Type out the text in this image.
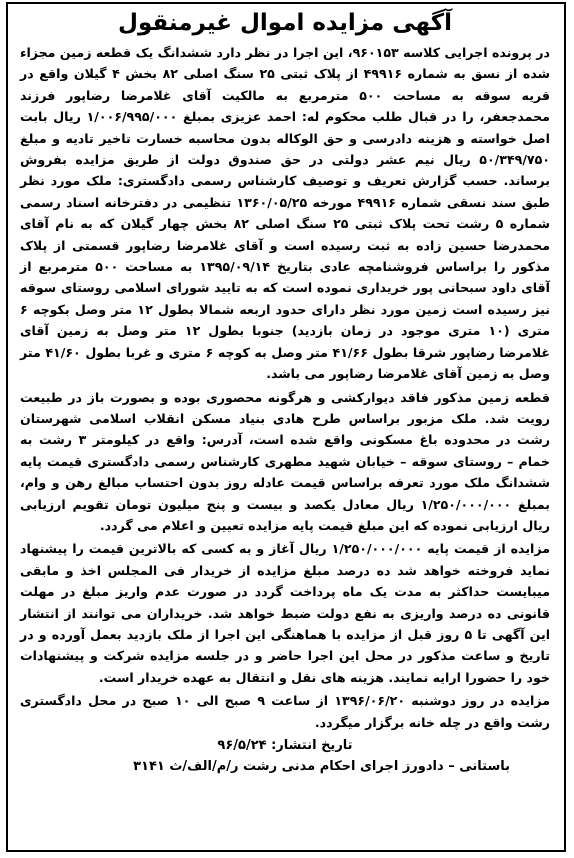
آگهی مزایده اموال غیرمنقول

در پرونده اجرایی کلاسه ۹۶۰۱۵۳، این اجرا در نظر دارد ششدانگ یک قطعه زمین مجزاء شده از نسق به شماره ۴۹۹۱۶ از پلاک ثبتی ۲۵ سنگ اصلی ۸۲ بخش ۴ گیلان واقع در قریه سوقه به مساحت ۵۰۰ مترمربع به مالکیت آقای غلامرضا رضاپور فرزند محمدجعفر، را در قبال طلب محکوم له: احمد عزیزی بمبلغ ۱/۰۰۶/۹۹۵/۰۰۰ ریال بابت اصل خواسته و هزینه دادرسی و حق الوکاله بدون محاسبه خسارت تاخیر تادیه و مبلغ ۵۰/۳۴۹/۷۵۰ ریال نیم عشر دولتی در حق صندوق دولت از طریق مزایده بفروش برساند. حسب گزارش تعریف و توصیف کارشناس رسمی دادگستری: ملک مورد نظر طبق سند نسقی شماره ۴۹۹۱۶ مورخه ۱۳۶۰/۰۵/۲۵ تنظیمی در دفترخانه اسناد رسمی شماره ۵ رشت تحت پلاک ثبتی ۲۵ سنگ اصلی ۸۲ بخش چهار گیلان که به نام آقای محمدرضا حسین زاده به ثبت رسیده است و آقای غلامرضا رضاپور قسمتی از پلاک مذکور را براساس فروشنامچه عادی بتاریخ ۱۳۹۵/۰۹/۱۴ به مساحت ۵۰۰ مترمربع از آقای داود سبحانی پور خریداری نموده است که به تایید شورای اسلامی روستای سوقه نیز رسیده است زمین مورد نظر دارای حدود اربعه شمالا بطول ۱۲ متر وصل بکوچه ۶ متری (۱۰ متری موجود در زمان بازدید) جنوبا بطول ۱۲ متر وصل به زمین آقای غلامرضا رضاپور شرقا بطول ۴۱/۶۶ متر وصل به کوچه ۶ متری و غربا بطول ۴۱/۶۰ متر وصل به زمین آقای غلامرضا رضاپور می باشد.

قطعه زمین مذکور فاقد دیوارکشی و هرگونه محصوری بوده و بصورت باز در طبیعت رویت شد. ملک مزبور براساس طرح هادی بنیاد مسکن انقلاب اسلامی شهرستان رشت در محدوده باغ مسکونی واقع شده است، آدرس: واقع در کیلومتر ۳ رشت به خمام – روستای سوقه – خیابان شهید مطهری کارشناس رسمی دادگستری قیمت پایه ششدانگ ملک مورد تعرفه براساس قیمت عادله روز بدون احتساب مبالغ رهن و وام، بمبلغ ۱/۲۵۰/۰۰۰/۰۰۰ ریال معادل یکصد و بیست و پنج میلیون تومان تقویم ارزیابی ریال ارزیابی نموده که این مبلغ قیمت پایه مزایده تعیین و اعلام می گردد.

مزایده از قیمت پایه ۱/۲۵۰/۰۰۰/۰۰۰ ریال آغاز و به کسی که بالاترین قیمت را پیشنهاد نماید فروخته خواهد شد ده درصد مبلغ مزایده از خریدار فی المجلس اخذ و مابقی میبایست حداکثر به مدت یک ماه پرداخت گردد در صورت عدم واریز مبلغ در مهلت قانونی ده درصد واریزی به نفع دولت ضبط خواهد شد. خریداران می توانند از انتشار این آگهی تا ۵ روز قبل از مزایده با هماهنگی این اجرا از ملک بازدید بعمل آورده و در تاریخ و ساعت مذکور در محل این اجرا حاضر و در جلسه مزایده شرکت و پیشنهادات خود را حضورا ارایه نمایند. هزینه های نقل و انتقال به عهده خریدار است.

مزایده در روز دوشنبه ۱۳۹۶/۰۶/۲۰ از ساعت ۹ صبح الی ۱۰ صبح در محل دادگستری رشت واقع در چله خانه برگزار میگردد.

تاریخ انتشار: ۹۶/۵/۲۴

باستانی – دادورز اجرای احکام مدنی رشت ر/م/الف/ث ۳۱۴۱
